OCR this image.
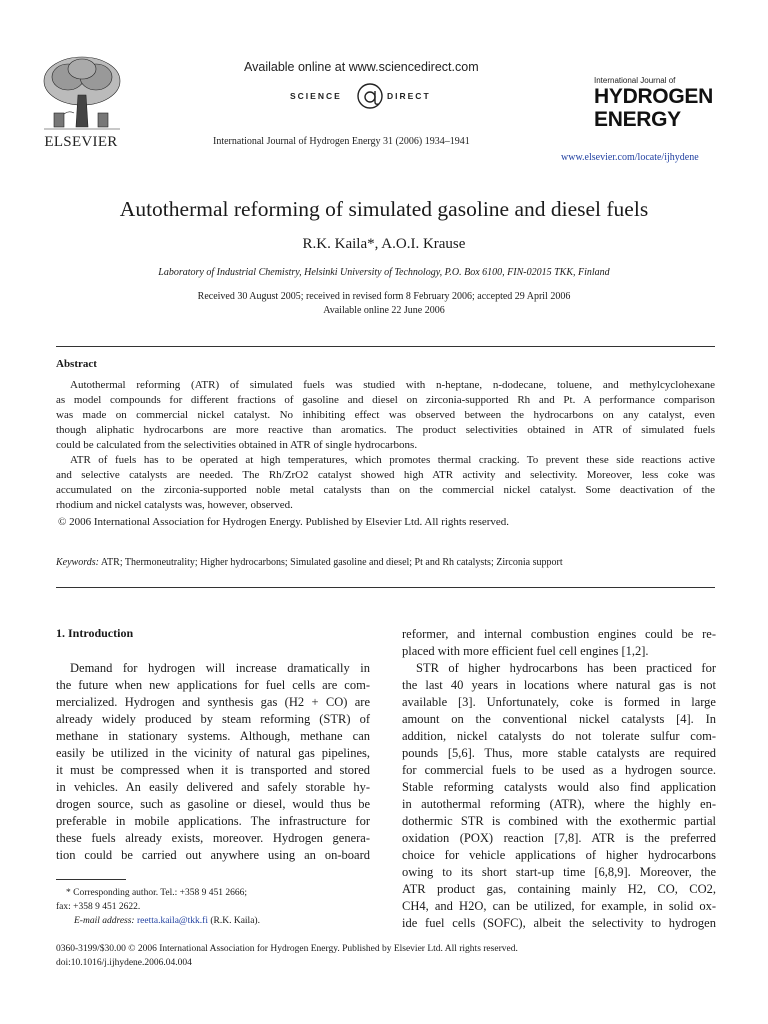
ELSEVIER
Available online at www.sciencedirect.com
SCIENCE	DIRECT
International Journal of Hydrogen Energy 31 (2006) 1934–1941
International Journal of
HYDROGEN
ENERGY
www.elsevier.com/locate/ijhydene
Autothermal reforming of simulated gasoline and diesel fuels
R.K. Kaila*, A.O.I. Krause
Laboratory of Industrial Chemistry, Helsinki University of Technology, P.O. Box 6100, FIN-02015 TKK, Finland
Received 30 August 2005; received in revised form 8 February 2006; accepted 29 April 2006
Available online 22 June 2006
Abstract
Autothermal reforming (ATR) of simulated fuels was studied with n-heptane, n-dodecane, toluene, and methylcyclohexane
as model compounds for different fractions of gasoline and diesel on zirconia-supported Rh and Pt. A performance comparison
was made on commercial nickel catalyst. No inhibiting effect was observed between the hydrocarbons on any catalyst, even
though aliphatic hydrocarbons are more reactive than aromatics. The product selectivities obtained in ATR of simulated fuels
could be calculated from the selectivities obtained in ATR of single hydrocarbons.
ATR of fuels has to be operated at high temperatures, which promotes thermal cracking. To prevent these side reactions active
and selective catalysts are needed. The Rh/ZrO2 catalyst showed high ATR activity and selectivity. Moreover, less coke was
accumulated on the zirconia-supported noble metal catalysts than on the commercial nickel catalyst. Some deactivation of the
rhodium and nickel catalysts was, however, observed.
© 2006 International Association for Hydrogen Energy. Published by Elsevier Ltd. All rights reserved.
Keywords: ATR; Thermoneutrality; Higher hydrocarbons; Simulated gasoline and diesel; Pt and Rh catalysts; Zirconia support
1. Introduction
Demand for hydrogen will increase dramatically in
the future when new applications for fuel cells are com-
mercialized. Hydrogen and synthesis gas (H2 + CO) are
already widely produced by steam reforming (STR) of
methane in stationary systems. Although, methane can
easily be utilized in the vicinity of natural gas pipelines,
it must be compressed when it is transported and stored
in vehicles. An easily delivered and safely storable hy-
drogen source, such as gasoline or diesel, would thus be
preferable in mobile applications. The infrastructure for
these fuels already exists, moreover. Hydrogen genera-
tion could be carried out anywhere using an on-board
reformer, and internal combustion engines could be re-
placed with more efficient fuel cell engines [1,2].
STR of higher hydrocarbons has been practiced for
the last 40 years in locations where natural gas is not
available [3]. Unfortunately, coke is formed in large
amount on the conventional nickel catalysts [4]. In
addition, nickel catalysts do not tolerate sulfur com-
pounds [5,6]. Thus, more stable catalysts are required
for commercial fuels to be used as a hydrogen source.
Stable reforming catalysts would also find application
in autothermal reforming (ATR), where the highly en-
dothermic STR is combined with the exothermic partial
oxidation (POX) reaction [7,8]. ATR is the preferred
choice for vehicle applications of higher hydrocarbons
owing to its short start-up time [6,8,9]. Moreover, the
ATR product gas, containing mainly H2, CO, CO2,
CH4, and H2O, can be utilized, for example, in solid ox-
ide fuel cells (SOFC), albeit the selectivity to hydrogen
* Corresponding author. Tel.: +358 9 451 2666;
fax: +358 9 451 2622.
E-mail address: reetta.kaila@tkk.fi (R.K. Kaila).
0360-3199/$30.00 © 2006 International Association for Hydrogen Energy. Published by Elsevier Ltd. All rights reserved.
doi:10.1016/j.ijhydene.2006.04.004
